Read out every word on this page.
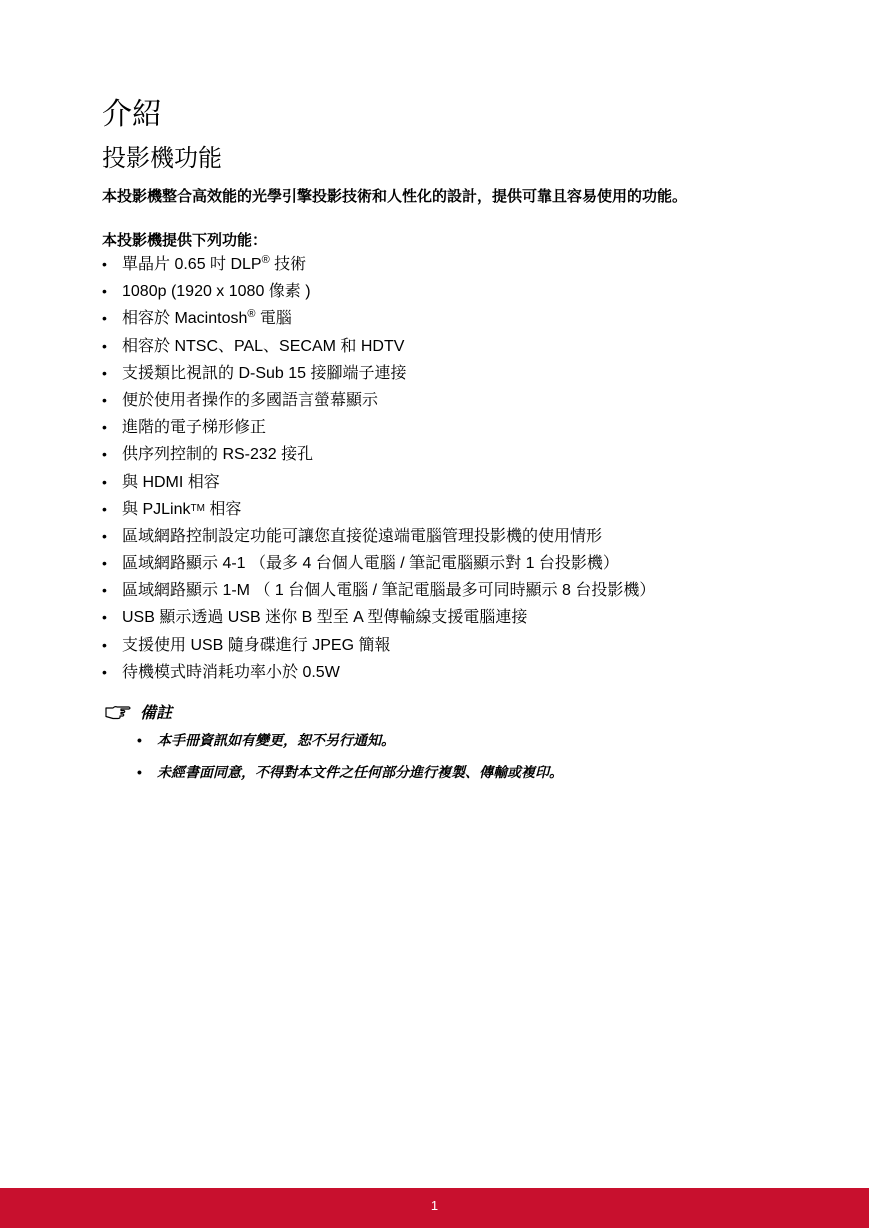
介紹
投影機功能

本投影機整合高效能的光學引擎投影技術和人性化的設計，提供可靠且容易使用的功能。

本投影機提供下列功能：

• 單晶片 0.65 吋 DLP® 技術
• 1080p (1920 x 1080 像素 )
• 相容於 Macintosh® 電腦
• 相容於 NTSC、PAL、SECAM 和 HDTV
• 支援類比視訊的 D-Sub 15 接腳端子連接
• 便於使用者操作的多國語言螢幕顯示
• 進階的電子梯形修正
• 供序列控制的 RS-232 接孔
• 與 HDMI 相容
• 與 PJLinkTM 相容
• 區域網路控制設定功能可讓您直接從遠端電腦管理投影機的使用情形
• 區域網路顯示 4-1 （最多 4 台個人電腦 / 筆記電腦顯示對 1 台投影機）
• 區域網路顯示 1-M （ 1 台個人電腦 / 筆記電腦最多可同時顯示 8 台投影機）
• USB 顯示透過 USB 迷你 B 型至 A 型傳輸線支援電腦連接
• 支援使用 USB 隨身碟進行 JPEG 簡報
• 待機模式時消耗功率小於 0.5W
備註
• 本手冊資訊如有變更，恕不另行通知。
• 未經書面同意，不得對本文件之任何部分進行複製、傳輸或複印。
1
